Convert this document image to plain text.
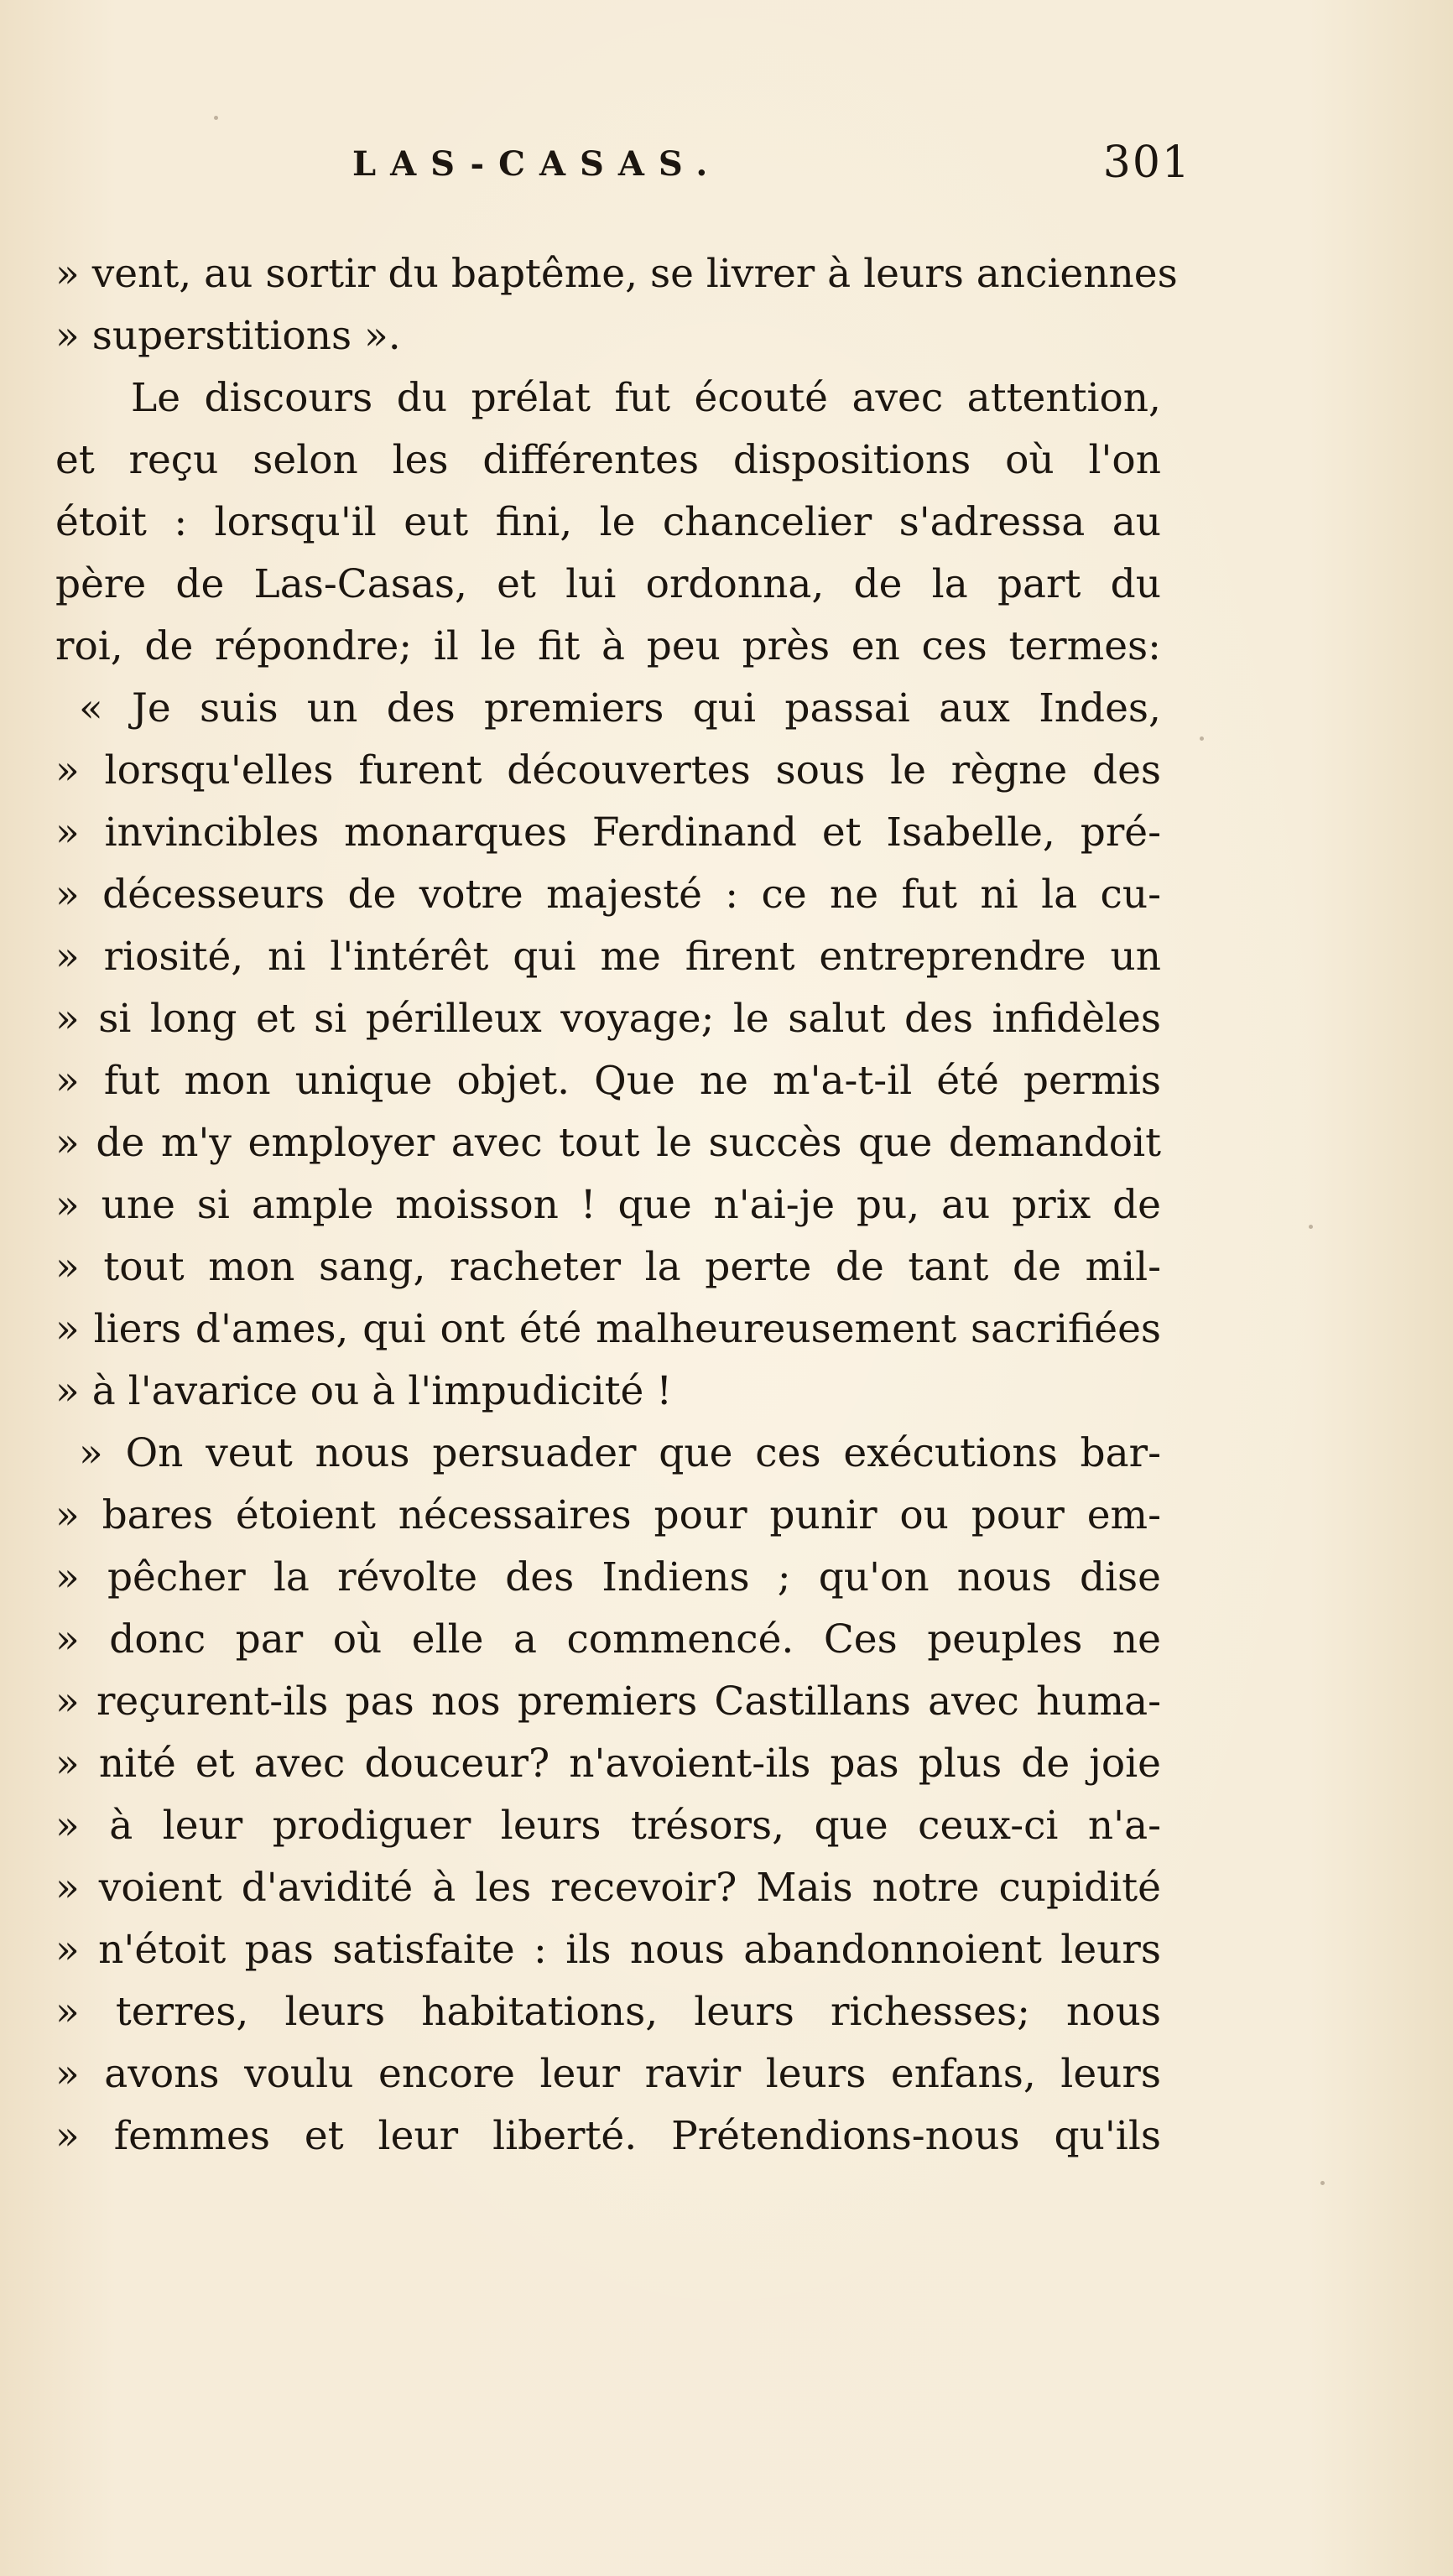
LAS-CASAS.	301
» vent, au sortir du baptême, se livrer à leurs anciennes
» superstitions ».
Le discours du prélat fut écouté avec attention,
et reçu selon les différentes dispositions où l'on
étoit : lorsqu'il eut fini, le chancelier s'adressa au
père de Las-Casas, et lui ordonna, de la part du
roi, de répondre; il le fit à peu près en ces termes:
« Je suis un des premiers qui passai aux Indes,
» lorsqu'elles furent découvertes sous le règne des
» invincibles monarques Ferdinand et Isabelle, pré-
» décesseurs de votre majesté : ce ne fut ni la cu-
» riosité, ni l'intérêt qui me firent entreprendre un
» si long et si périlleux voyage; le salut des infidèles
» fut mon unique objet. Que ne m'a-t-il été permis
» de m'y employer avec tout le succès que demandoit
» une si ample moisson ! que n'ai-je pu, au prix de
» tout mon sang, racheter la perte de tant de mil-
» liers d'ames, qui ont été malheureusement sacrifiées
» à l'avarice ou à l'impudicité !
» On veut nous persuader que ces exécutions bar-
» bares étoient nécessaires pour punir ou pour em-
» pêcher la révolte des Indiens ; qu'on nous dise
» donc par où elle a commencé. Ces peuples ne
» reçurent-ils pas nos premiers Castillans avec huma-
» nité et avec douceur? n'avoient-ils pas plus de joie
» à leur prodiguer leurs trésors, que ceux-ci n'a-
» voient d'avidité à les recevoir? Mais notre cupidité
» n'étoit pas satisfaite : ils nous abandonnoient leurs
» terres, leurs habitations, leurs richesses; nous
» avons voulu encore leur ravir leurs enfans, leurs
» femmes et leur liberté. Prétendions-nous qu'ils
